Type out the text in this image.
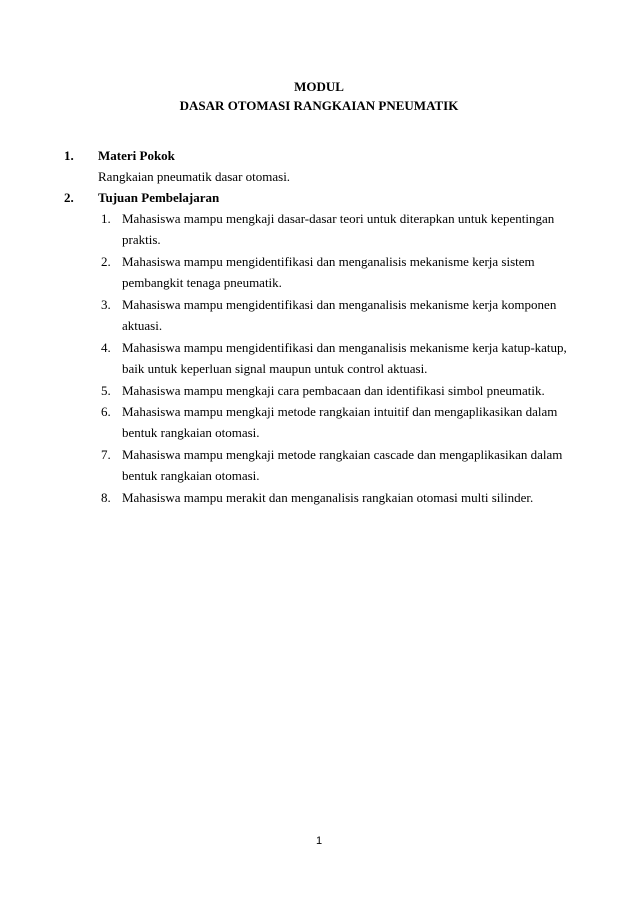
MODUL
DASAR OTOMASI RANGKAIAN PNEUMATIK
1. Materi Pokok
Rangkaian pneumatik dasar otomasi.
2. Tujuan Pembelajaran
1. Mahasiswa mampu mengkaji dasar-dasar teori untuk diterapkan untuk kepentingan praktis.
2. Mahasiswa mampu mengidentifikasi dan menganalisis mekanisme kerja sistem pembangkit tenaga pneumatik.
3. Mahasiswa mampu mengidentifikasi dan menganalisis mekanisme kerja komponen aktuasi.
4. Mahasiswa mampu mengidentifikasi dan menganalisis mekanisme kerja katup-katup, baik untuk keperluan signal maupun untuk control aktuasi.
5. Mahasiswa mampu mengkaji cara pembacaan dan identifikasi simbol pneumatik.
6. Mahasiswa mampu mengkaji metode rangkaian intuitif dan mengaplikasikan dalam bentuk rangkaian otomasi.
7. Mahasiswa mampu mengkaji metode rangkaian cascade dan mengaplikasikan dalam bentuk rangkaian otomasi.
8. Mahasiswa mampu merakit dan menganalisis rangkaian otomasi multi silinder.
1
